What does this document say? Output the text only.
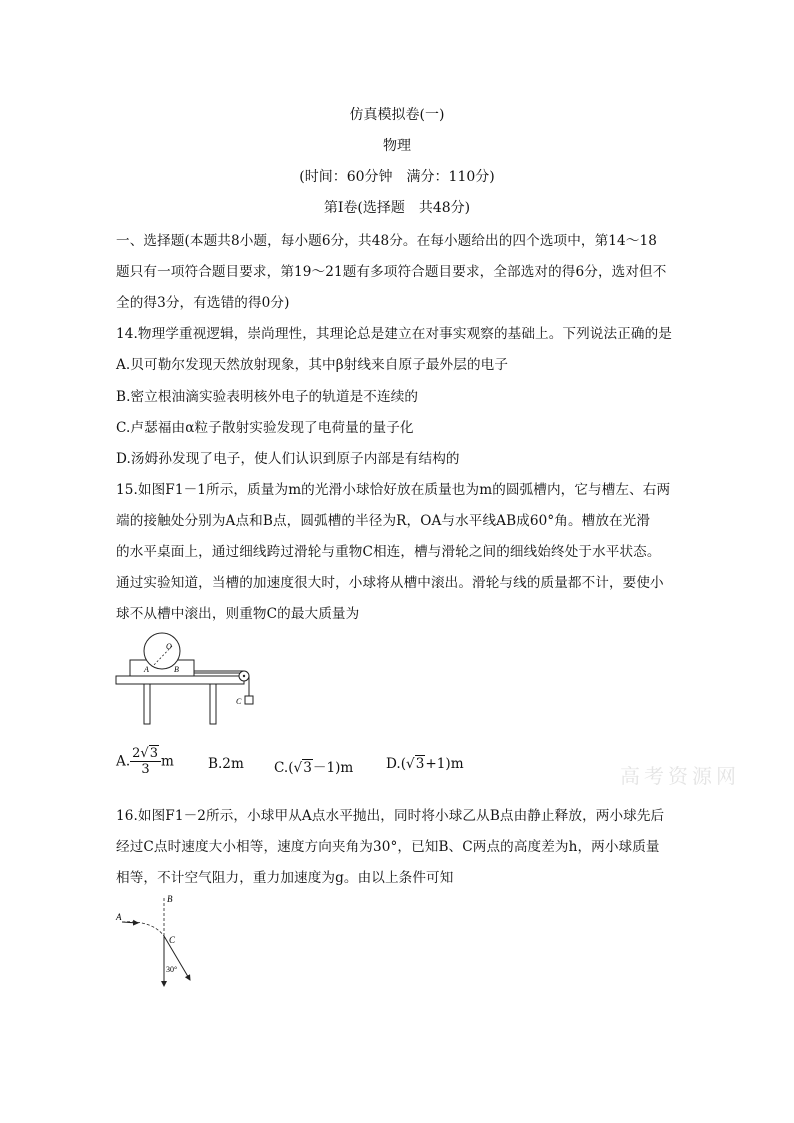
仿真模拟卷(一)
物理
(时间：60分钟　满分：110分)
第Ⅰ卷(选择题　共48分)
一、选择题(本题共8小题，每小题6分，共48分。在每小题给出的四个选项中，第14～18
题只有一项符合题目要求，第19～21题有多项符合题目要求，全部选对的得6分，选对但不
全的得3分，有选错的得0分)
14.物理学重视逻辑，崇尚理性，其理论总是建立在对事实观察的基础上。下列说法正确的是
A.贝可勒尔发现天然放射现象，其中β射线来自原子最外层的电子
B.密立根油滴实验表明核外电子的轨道是不连续的
C.卢瑟福由α粒子散射实验发现了电荷量的量子化
D.汤姆孙发现了电子，使人们认识到原子内部是有结构的
15.如图F1－1所示，质量为m的光滑小球恰好放在质量也为m的圆弧槽内，它与槽左、右两
端的接触处分别为A点和B点，圆弧槽的半径为R，OA与水平线AB成60°角。槽放在光滑
的水平桌面上，通过细线跨过滑轮与重物C相连，槽与滑轮之间的细线始终处于水平状态。
通过实验知道，当槽的加速度很大时，小球将从槽中滚出。滑轮与线的质量都不计，要使小
球不从槽中滚出，则重物C的最大质量为
O
A	B
C
A. $\frac{2√3}{3}$ m	B.2m C.(√3－1)m D.(√3+1)m	高考资源网
16.如图F1－2所示，小球甲从A点水平抛出，同时将小球乙从B点由静止释放，两小球先后
经过C点时速度大小相等，速度方向夹角为30°，已知B、C两点的高度差为h，两小球质量
相等，不计空气阻力，重力加速度为g。由以上条件可知
A
B
C
30°
